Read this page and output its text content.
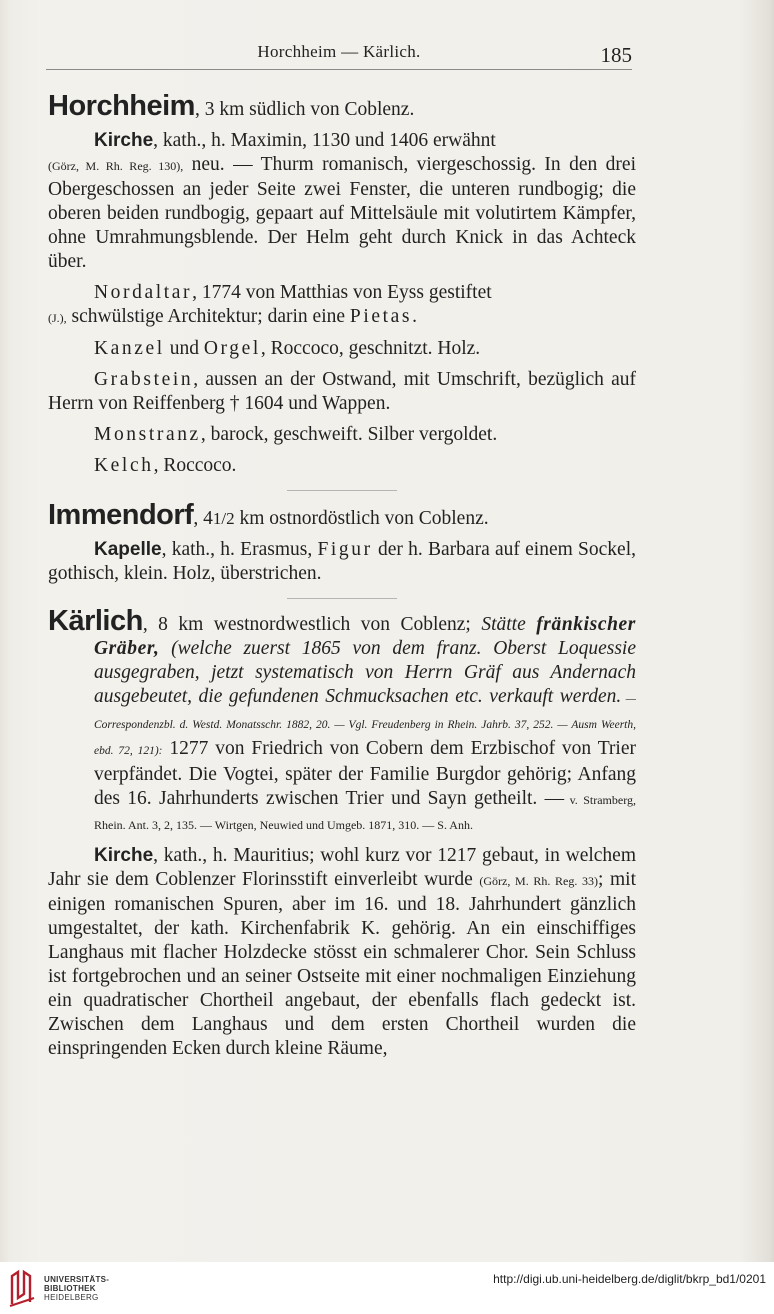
Horchheim — Kärlich.	185

Horchheim, 3 km südlich von Coblenz.

Kirche, kath., h. Maximin, 1130 und 1406 erwähnt
(Görz, M. Rh. Reg. 130), neu. — Thurm romanisch, viergeschossig. In den drei Obergeschossen an jeder Seite zwei Fenster, die unteren rundbogig; die oberen beiden rundbogig, gepaart auf Mittelsäule mit volutirtem Kämpfer, ohne Umrahmungsblende. Der Helm geht durch Knick in das Achteck über.

Nordaltar, 1774 von Matthias von Eyss gestiftet
(J.), schwülstige Architektur; darin eine Pietas.

Kanzel und Orgel, Roccoco, geschnitzt. Holz.

Grabstein, aussen an der Ostwand, mit Umschrift, bezüglich auf Herrn von Reiffenberg † 1604 und Wappen.

Monstranz, barock, geschweift. Silber vergoldet.

Kelch, Roccoco.

Immendorf, 41/2 km ostnordöstlich von Coblenz.

Kapelle, kath., h. Erasmus, Figur der h. Barbara auf einem Sockel, gothisch, klein. Holz, überstrichen.

Kärlich, 8 km westnordwestlich von Coblenz; Stätte fränkischer Gräber, (welche zuerst 1865 von dem franz. Oberst Loquessie ausgegraben, jetzt systematisch von Herrn Gräf aus Andernach ausgebeutet, die gefundenen Schmucksachen etc. verkauft werden. — Correspondenzbl. d. Westd. Monatsschr. 1882, 20. — Vgl. Freudenberg in Rhein. Jahrb. 37, 252. — Ausm Weerth, ebd. 72, 121): 1277 von Friedrich von Cobern dem Erzbischof von Trier verpfändet. Die Vogtei, später der Familie Burgdor gehörig; Anfang des 16. Jahrhunderts zwischen Trier und Sayn getheilt. — v. Stramberg, Rhein. Ant. 3, 2, 135. — Wirtgen, Neuwied und Umgeb. 1871, 310. — S. Anh.

Kirche, kath., h. Mauritius; wohl kurz vor 1217 gebaut, in welchem Jahr sie dem Coblenzer Florinsstift einverleibt wurde (Görz, M. Rh. Reg. 33); mit einigen romanischen Spuren, aber im 16. und 18. Jahrhundert gänzlich umgestaltet, der kath. Kirchenfabrik K. gehörig. An ein einschiffiges Langhaus mit flacher Holzdecke stösst ein schmalerer Chor. Sein Schluss ist fortgebrochen und an seiner Ostseite mit einer nochmaligen Einziehung ein quadratischer Chortheil angebaut, der ebenfalls flach gedeckt ist. Zwischen dem Langhaus und dem ersten Chortheil wurden die einspringenden Ecken durch kleine Räume,

UNIVERSITÄTS-
BIBLIOTHEK
HEIDELBERG
http://digi.ub.uni-heidelberg.de/diglit/bkrp_bd1/0201
